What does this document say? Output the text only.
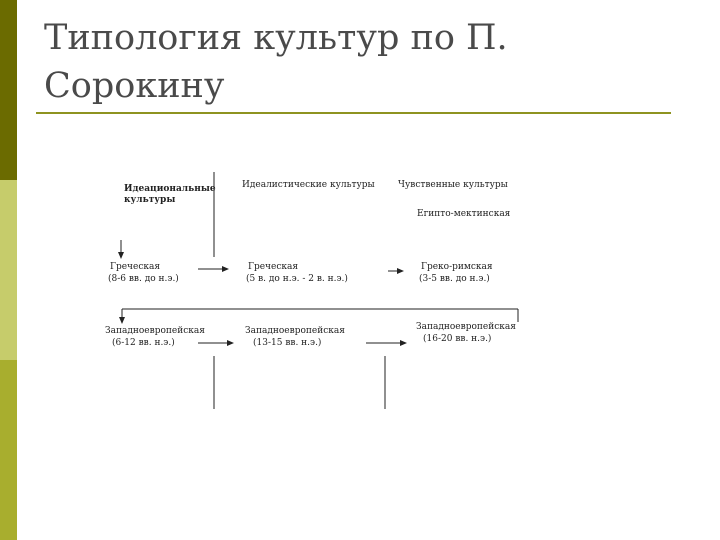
Типология культур по П.
Сорокину
Идеациональные
культуры
Идеалистические культуры	Чувственные культуры
Египто-мектинская
Греческая
(8-6 вв. до н.э.)
Греческая
(5 в. до н.э. - 2 в. н.э.)
Греко-римская
(3-5 вв. до н.э.)
Западноевропейская
(6-12 вв. н.э.)
Западноевропейская
(13-15 вв. н.э.)
Западноевропейская
(16-20 вв. н.э.)
